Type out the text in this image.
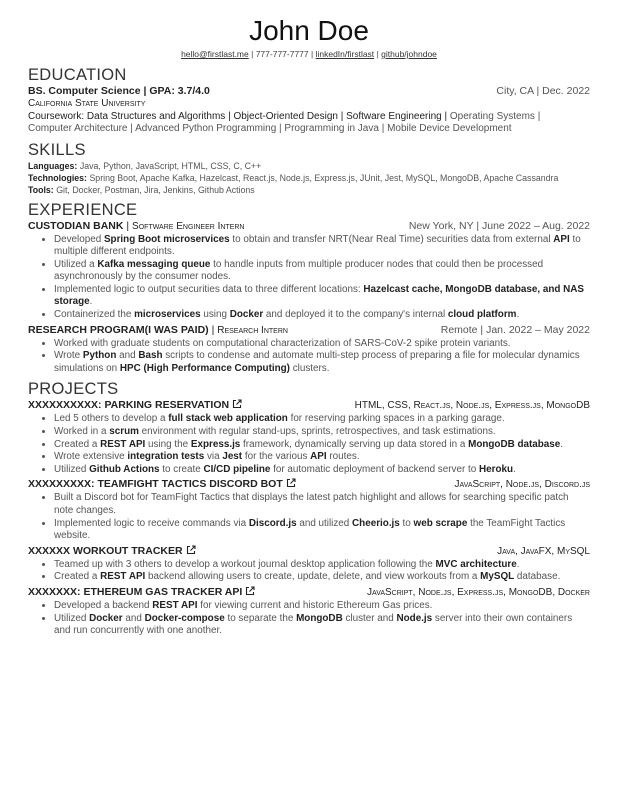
John Doe
hello@firstlast.me | 777-777-7777 | linkedIn/firstlast | github/johndoe
EDUCATION
BS. Computer Science | GPA: 3.7/4.0	City, CA | Dec. 2022
California State University
Coursework: Data Structures and Algorithms | Object-Oriented Design | Software Engineering | Operating Systems |
Computer Architecture | Advanced Python Programming | Programming in Java | Mobile Device Development
SKILLS
Languages: Java, Python, JavaScript, HTML, CSS, C, C++
Technologies: Spring Boot, Apache Kafka, Hazelcast, React.js, Node.js, Express.js, JUnit, Jest, MySQL, MongoDB, Apache Cassandra
Tools: Git, Docker, Postman, Jira, Jenkins, Github Actions
EXPERIENCE
CUSTODIAN BANK | Software Engineer Intern	New York, NY | June 2022 – Aug. 2022
• Developed Spring Boot microservices to obtain and transfer NRT(Near Real Time) securities data from external API to multiple different endpoints.
• Utilized a Kafka messaging queue to handle inputs from multiple producer nodes that could then be processed asynchronously by the consumer nodes.
• Implemented logic to output securities data to three different locations: Hazelcast cache, MongoDB database, and NAS storage.
• Containerized the microservices using Docker and deployed it to the company's internal cloud platform.
RESEARCH PROGRAM(I WAS PAID) | Research Intern	Remote | Jan. 2022 – May 2022
• Worked with graduate students on computational characterization of SARS-CoV-2 spike protein variants.
• Wrote Python and Bash scripts to condense and automate multi-step process of preparing a file for molecular dynamics simulations on HPC (High Performance Computing) clusters.
PROJECTS
XXXXXXXXXX: PARKING RESERVATION	HTML, CSS, React.js, Node.js, Express.js, MongoDB
• Led 5 others to develop a full stack web application for reserving parking spaces in a parking garage.
• Worked in a scrum environment with regular stand-ups, sprints, retrospectives, and task estimations.
• Created a REST API using the Express.js framework, dynamically serving up data stored in a MongoDB database.
• Wrote extensive integration tests via Jest for the various API routes.
• Utilized Github Actions to create CI/CD pipeline for automatic deployment of backend server to Heroku.
XXXXXXXXX: TEAMFIGHT TACTICS DISCORD BOT	JavaScript, Node.js, Discord.js
• Built a Discord bot for TeamFight Tactics that displays the latest patch highlight and allows for searching specific patch note changes.
• Implemented logic to receive commands via Discord.js and utilized Cheerio.js to web scrape the TeamFight Tactics website.
XXXXXX WORKOUT TRACKER	Java, JavaFX, MySQL
• Teamed up with 3 others to develop a workout journal desktop application following the MVC architecture.
• Created a REST API backend allowing users to create, update, delete, and view workouts from a MySQL database.
XXXXXXX: ETHEREUM GAS TRACKER API	JavaScript, Node.js, Express.js, MongoDB, Docker
• Developed a backend REST API for viewing current and historic Ethereum Gas prices.
• Utilized Docker and Docker-compose to separate the MongoDB cluster and Node.js server into their own containers and run concurrently with one another.
